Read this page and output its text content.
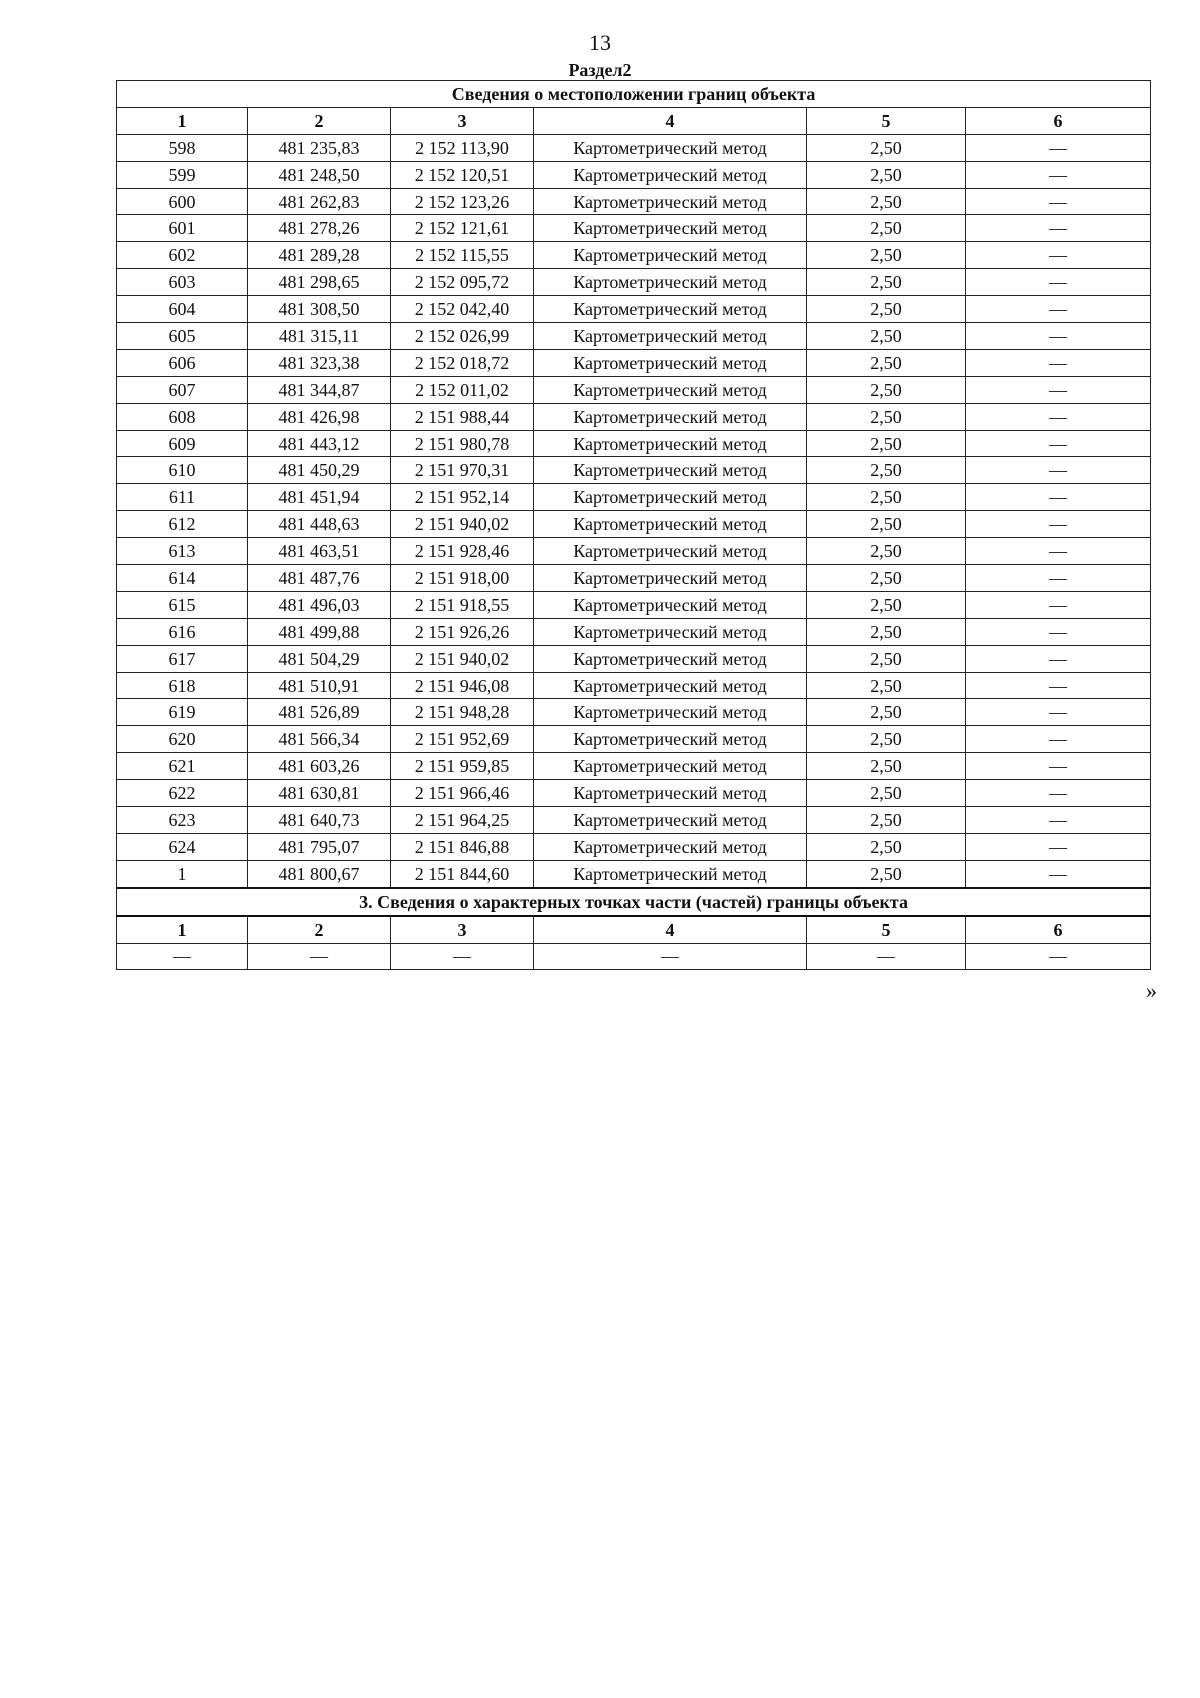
13
Раздел2
Сведения о местоположении границ объекта					
1	2	3	4	5	6
598	481 235,83	2 152 113,90	Картометрический метод	2,50	—
599	481 248,50	2 152 120,51	Картометрический метод	2,50	—
600	481 262,83	2 152 123,26	Картометрический метод	2,50	—
601	481 278,26	2 152 121,61	Картометрический метод	2,50	—
602	481 289,28	2 152 115,55	Картометрический метод	2,50	—
603	481 298,65	2 152 095,72	Картометрический метод	2,50	—
604	481 308,50	2 152 042,40	Картометрический метод	2,50	—
605	481 315,11	2 152 026,99	Картометрический метод	2,50	—
606	481 323,38	2 152 018,72	Картометрический метод	2,50	—
607	481 344,87	2 152 011,02	Картометрический метод	2,50	—
608	481 426,98	2 151 988,44	Картометрический метод	2,50	—
609	481 443,12	2 151 980,78	Картометрический метод	2,50	—
610	481 450,29	2 151 970,31	Картометрический метод	2,50	—
611	481 451,94	2 151 952,14	Картометрический метод	2,50	—
612	481 448,63	2 151 940,02	Картометрический метод	2,50	—
613	481 463,51	2 151 928,46	Картометрический метод	2,50	—
614	481 487,76	2 151 918,00	Картометрический метод	2,50	—
615	481 496,03	2 151 918,55	Картометрический метод	2,50	—
616	481 499,88	2 151 926,26	Картометрический метод	2,50	—
617	481 504,29	2 151 940,02	Картометрический метод	2,50	—
618	481 510,91	2 151 946,08	Картометрический метод	2,50	—
619	481 526,89	2 151 948,28	Картометрический метод	2,50	—
620	481 566,34	2 151 952,69	Картометрический метод	2,50	—
621	481 603,26	2 151 959,85	Картометрический метод	2,50	—
622	481 630,81	2 151 966,46	Картометрический метод	2,50	—
623	481 640,73	2 151 964,25	Картометрический метод	2,50	—
624	481 795,07	2 151 846,88	Картометрический метод	2,50	—
1	481 800,67	2 151 844,60	Картометрический метод	2,50	—
3. Сведения о характерных точках части (частей) границы объекта					
1	2	3	4	5	6
—	—	—	—	—	—
»
